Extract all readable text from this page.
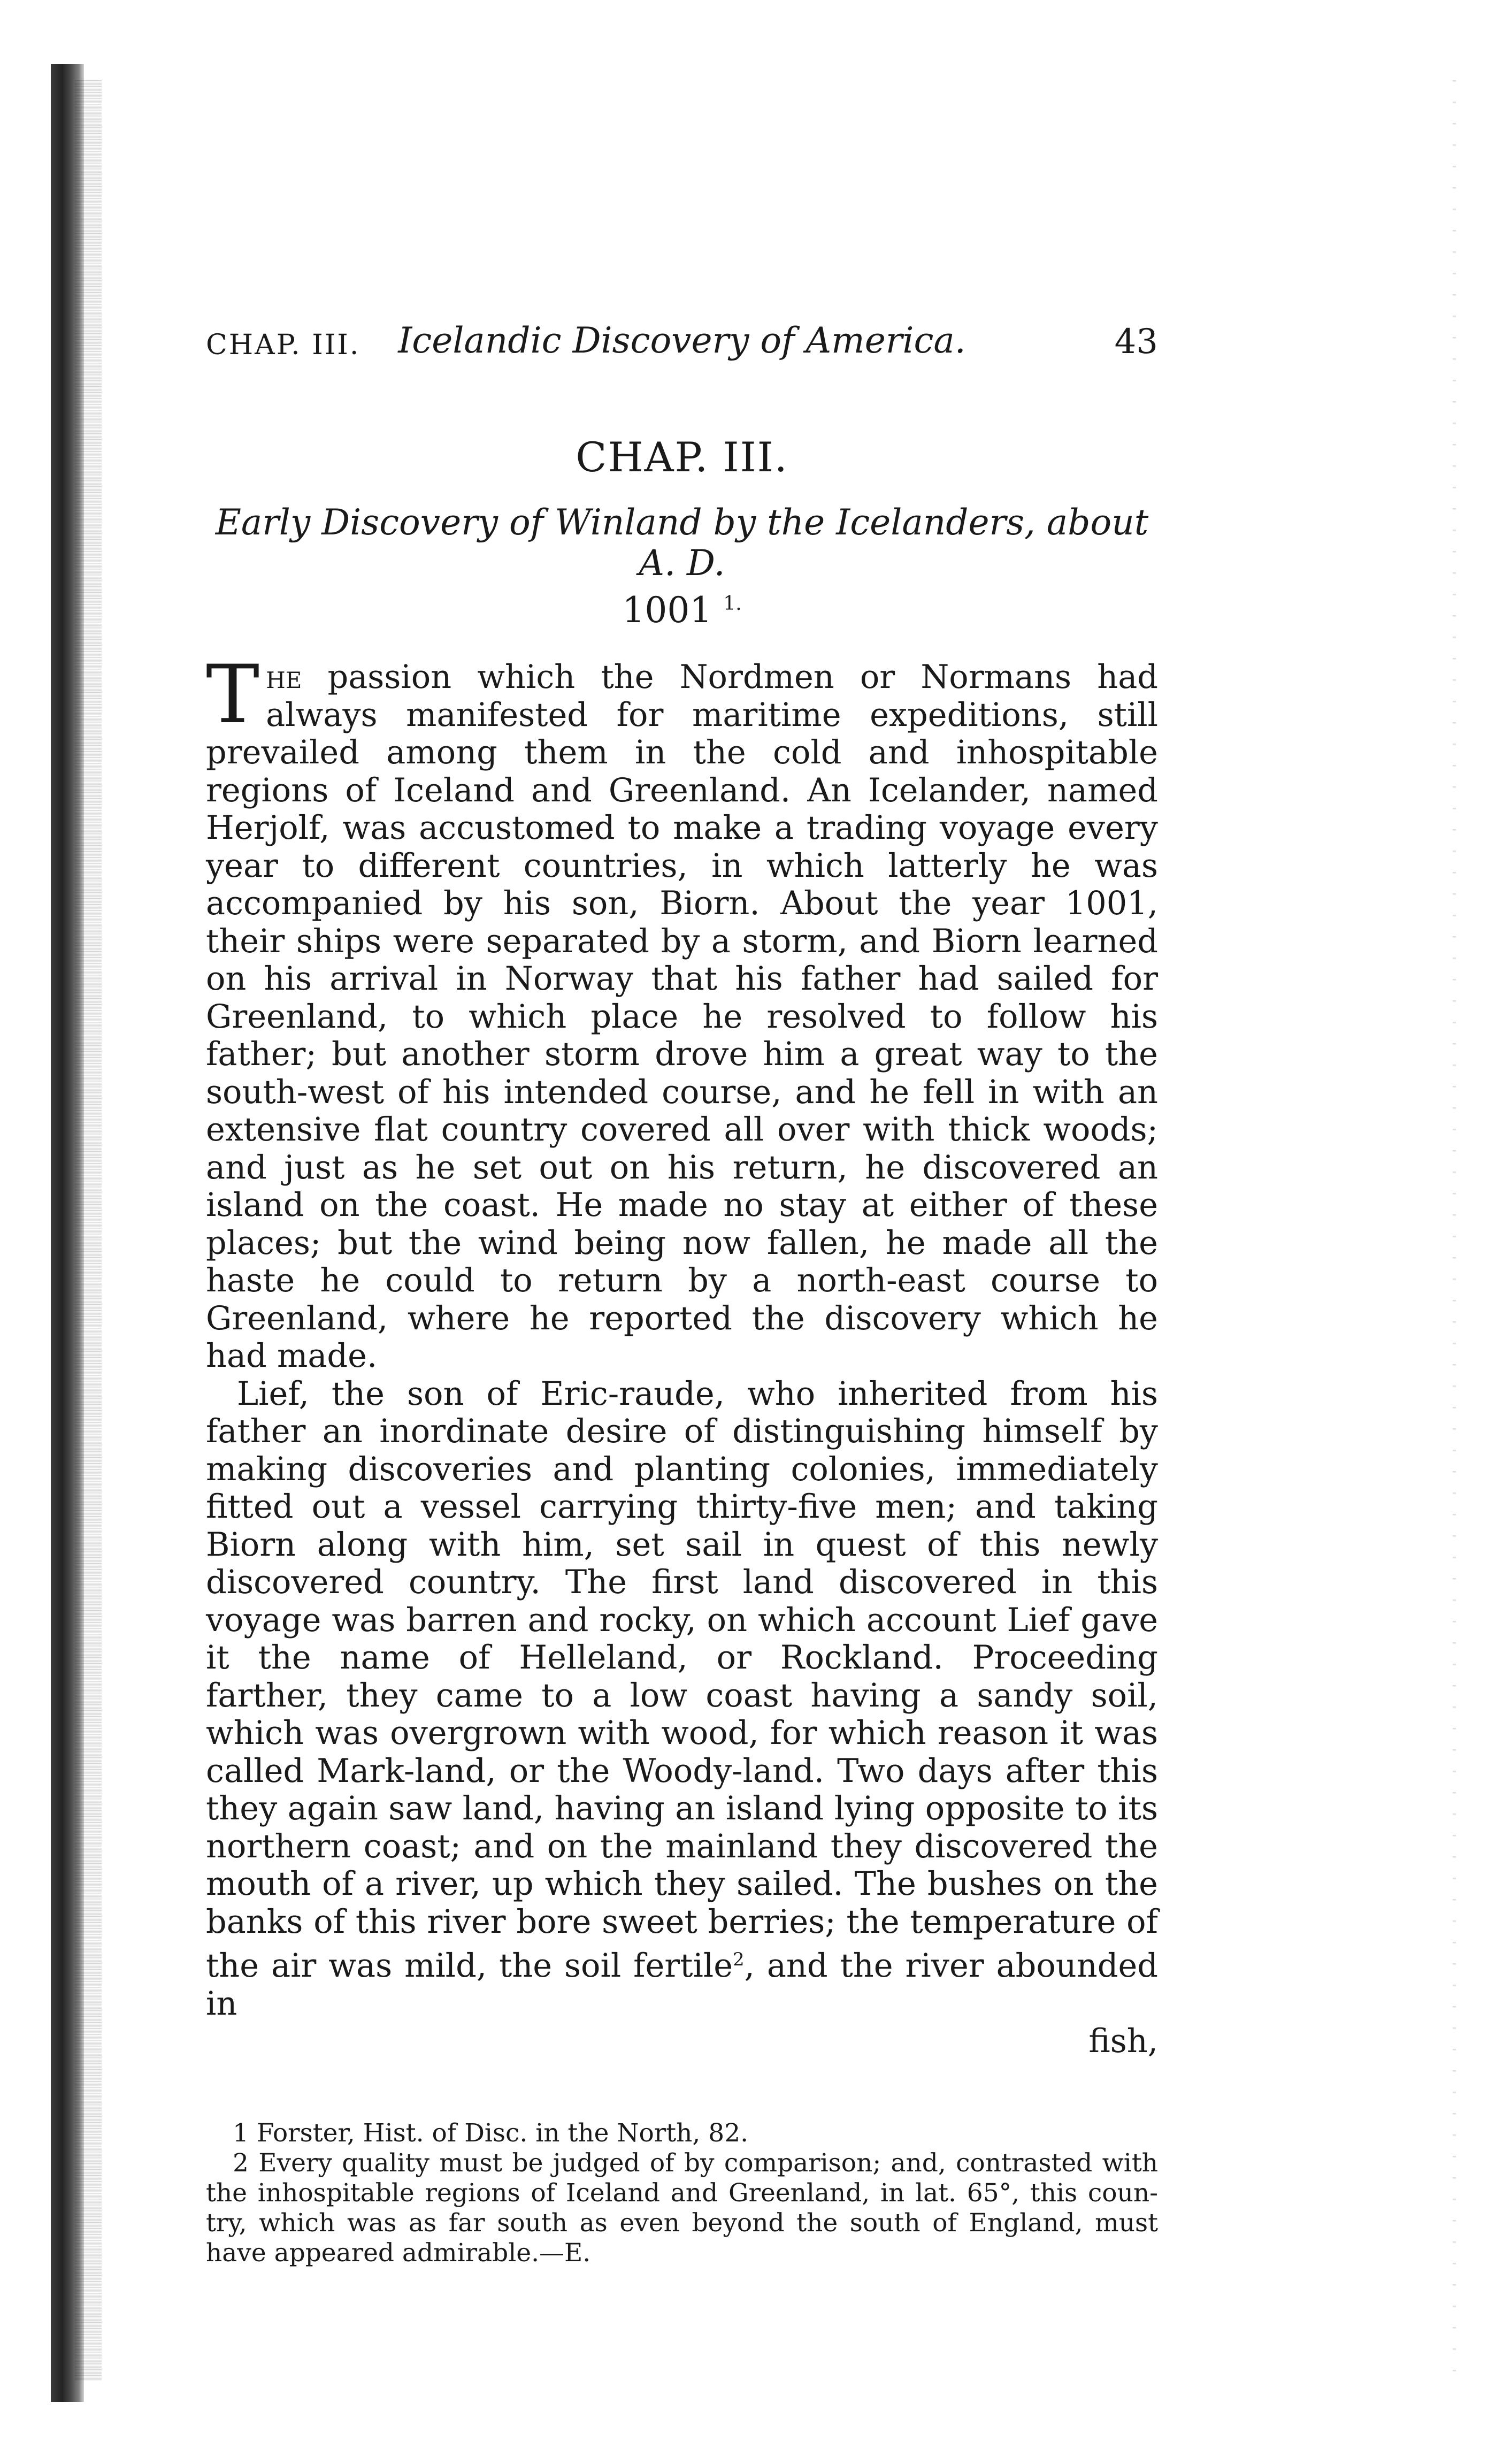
CHAP. III.	Icelandic Discovery of America.	43
CHAP. III.
Early Discovery of Winland by the Icelanders, about A. D.
1001 $^{1.}$

The passion which the Nordmen or Normans had always manifested for maritime expeditions, still prevailed among them in the cold and inhospitable regions of Iceland and Greenland. An Icelander, named Herjolf, was accustomed to make a trading voyage every year to different countries, in which latterly he was accompanied by his son, Biorn. About the year 1001, their ships were separated by a storm, and Biorn learned on his arrival in Norway that his father had sailed for Greenland, to which place he resolved to follow his father; but another storm drove him a great way to the south-west of his intended course, and he fell in with an extensive flat country covered all over with thick woods; and just as he set out on his return, he discovered an island on the coast. He made no stay at either of these places; but the wind being now fallen, he made all the haste he could to return by a north-east course to Greenland, where he reported the discovery which he had made.

Lief, the son of Eric-raude, who inherited from his father an inordinate desire of distinguishing himself by making discoveries and planting colonies, immediately fitted out a vessel carrying thirty-five men; and taking Biorn along with him, set sail in quest of this newly discovered country. The first land discovered in this voyage was barren and rocky, on which account Lief gave it the name of Helleland, or Rockland. Proceeding farther, they came to a low coast having a sandy soil, which was overgrown with wood, for which reason it was called Mark-land, or the Woody-land. Two days after this they again saw land, having an island lying opposite to its northern coast; and on the mainland they discovered the mouth of a river, up which they sailed. The bushes on the banks of this river bore sweet berries; the temperature of the air was mild, the soil fertile$^2$, and the river abounded in

fish,

1 Forster, Hist. of Disc. in the North, 82.

2 Every quality must be judged of by comparison; and, contrasted with the inhospitable regions of Iceland and Greenland, in lat. 65°, this country, which was as far south as even beyond the south of England, must have appeared admirable.—E.
